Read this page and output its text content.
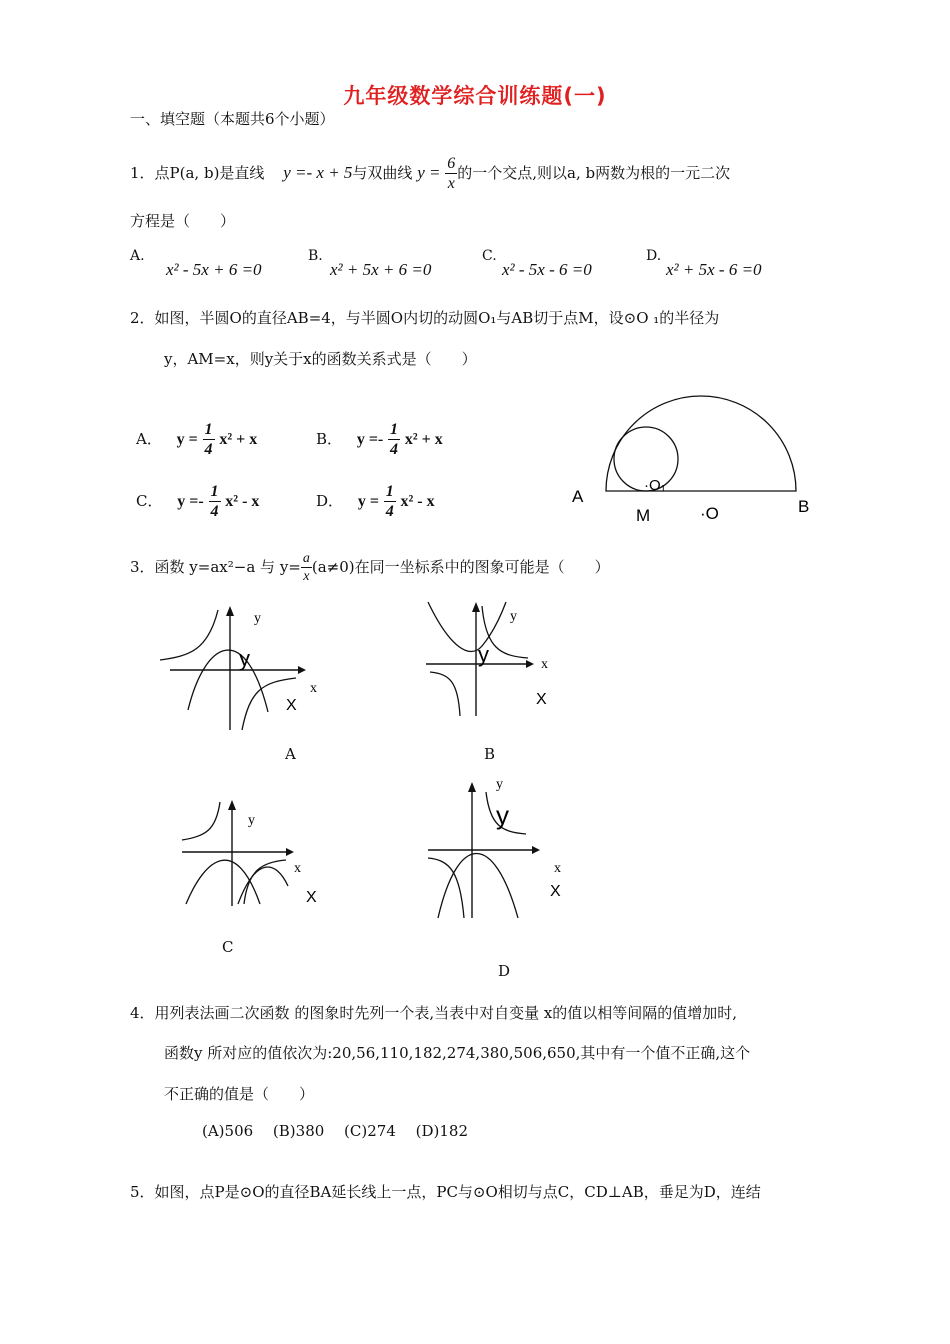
九年级数学综合训练题(一)
一、填空题（本题共6个小题）
1．点P(a, b)是直线 y =- x + 5与双曲线 $y = \frac{6}{x}$ 的一个交点,则以a, b两数为根的一元二次
方程是（　　）
A.
x² - 5x + 6 =0
B.
x² + 5x + 6 =0
C.
x² - 5x - 6 =0
D.
x² + 5x - 6 =0
2．如图，半圆O的直径AB=4，与半圆O内切的动圆O₁与AB切于点M，设⊙O ₁的半径为
y，AM=x，则y关于x的函数关系式是（　　）
A． $y = \frac{1}{4} x^2 + x$	B． $y =- \frac{1}{4} x^2 + x$
C． $y =- \frac{1}{4} x^2 - x$	D． $y = \frac{1}{4} x^2 - x$	A
B
M	·O
·O₁
3．函数 y=ax²−a 与 $y= \frac{a}{x} (a\ne 0)$在同一坐标系中的图象可能是（　　）
y
x
y
X
A
y
x
y
X
B
y
x
X
C
y
x
y
X
D
4．用列表法画二次函数 的图象时先列一个表,当表中对自变量 x的值以相等间隔的值增加时,
函数y 所对应的值依次为:20,56,110,182,274,380,506,650,其中有一个值不正确,这个
不正确的值是（　　）
(A)506　 (B)380　 (C)274　 (D)182
5．如图，点P是⊙O的直径BA延长线上一点，PC与⊙O相切与点C，CD⊥AB，垂足为D，连结
